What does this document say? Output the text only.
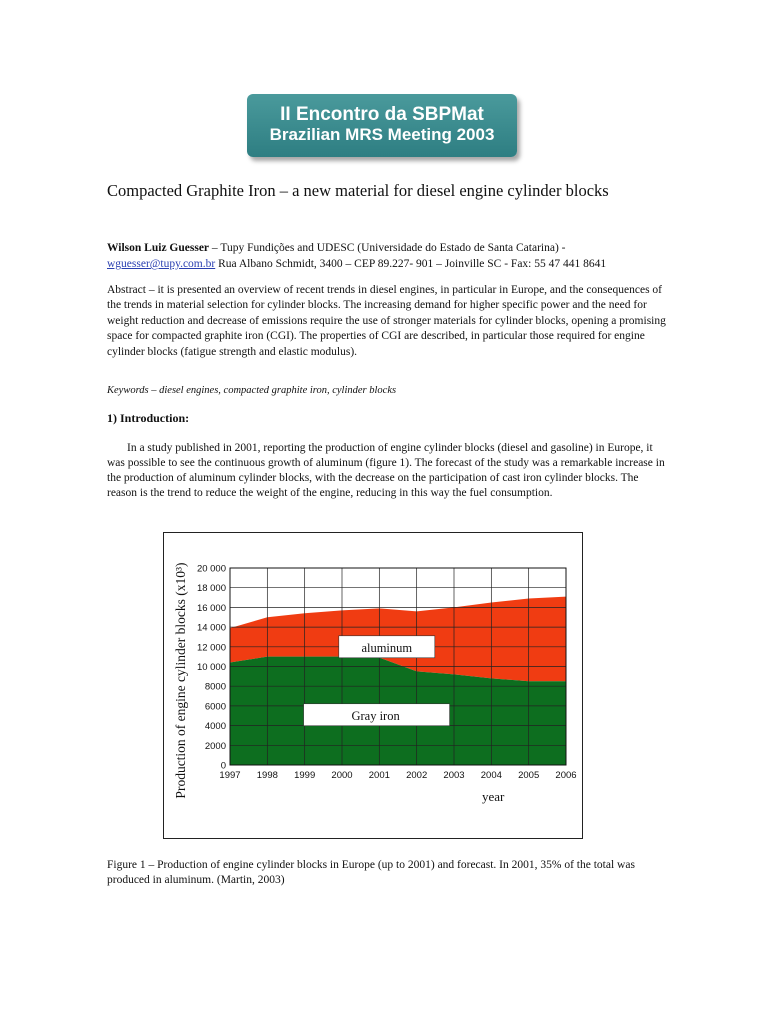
II Encontro da SBPMat
Brazilian MRS Meeting 2003
Compacted Graphite Iron – a new material for diesel engine cylinder blocks
Wilson Luiz Guesser – Tupy Fundições and UDESC (Universidade do Estado de Santa Catarina) -
wguesser@tupy.com.br Rua Albano Schmidt, 3400 – CEP 89.227- 901 – Joinville SC - Fax: 55 47 441 8641

Abstract – it is presented an overview of recent trends in diesel engines, in particular in Europe, and the consequences of the trends in material selection for cylinder blocks. The increasing demand for higher specific power and the need for weight reduction and decrease of emissions require the use of stronger materials for cylinder blocks, opening a promising space for compacted graphite iron (CGI). The properties of CGI are described, in particular those required for engine cylinder blocks (fatigue strength and elastic modulus).

Keywords – diesel engines, compacted graphite iron, cylinder blocks

1) Introduction:

In a study published in 2001, reporting the production of engine cylinder blocks (diesel and gasoline) in Europe, it was possible to see the continuous growth of aluminum (figure 1). The forecast of the study was a remarkable increase in the production of aluminum cylinder blocks, with the decrease on the participation of cast iron cylinder blocks. The reason is the trend to reduce the weight of the engine, reducing in this way the fuel consumption.

0
2000
4000
6000
8000
10 000
12 000
14 000
16 000
18 000
20 000
1997 1998 1999 2000 2001 2002 2003 2004 2005 2006
aluminum
Gray iron
year
Production of engine cylinder blocks (x10³)

Figure 1 – Production of engine cylinder blocks in Europe (up to 2001) and forecast. In 2001, 35% of the total was produced in aluminum. (Martin, 2003)
